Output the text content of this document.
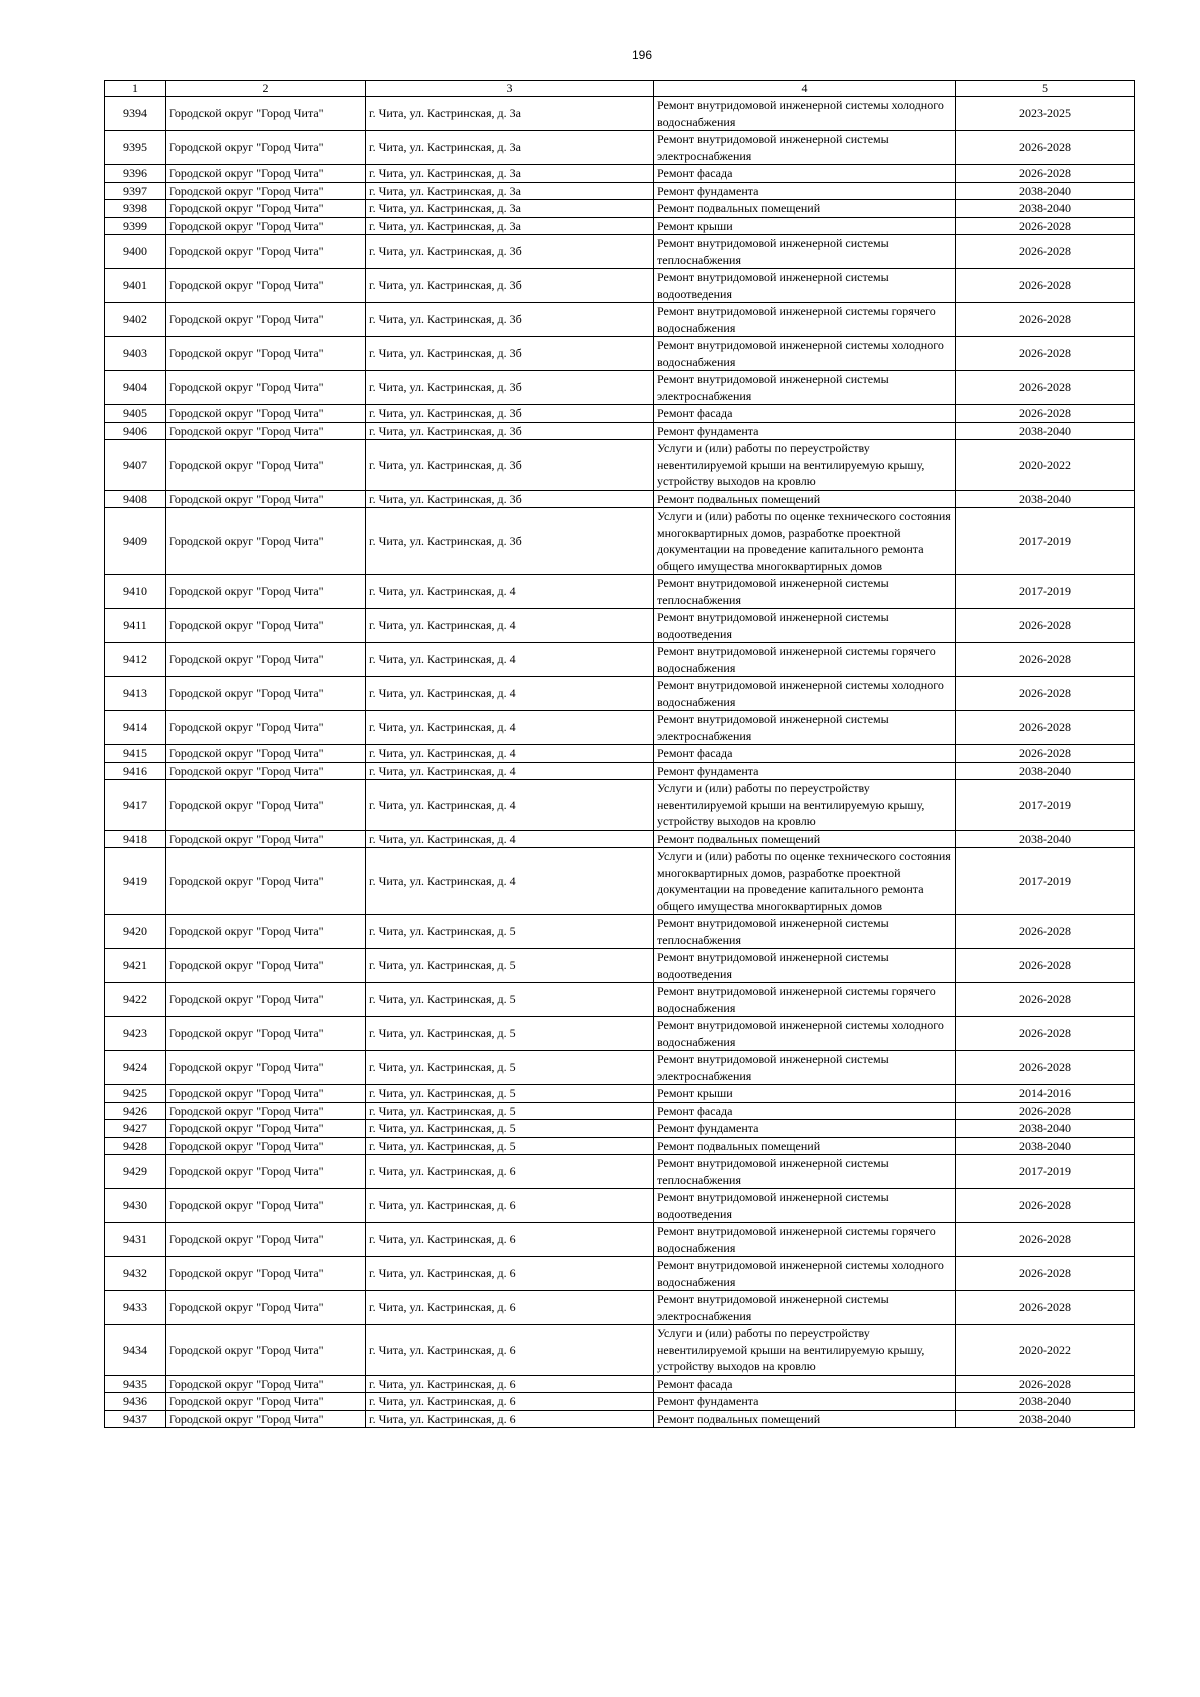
196
1	2	3	4	5
9394	Городской округ "Город Чита"	г. Чита, ул. Кастринская, д. 3а	Ремонт внутридомовой инженерной системы холодного водоснабжения	2023-2025
9395	Городской округ "Город Чита"	г. Чита, ул. Кастринская, д. 3а	Ремонт внутридомовой инженерной системы электроснабжения	2026-2028
9396	Городской округ "Город Чита"	г. Чита, ул. Кастринская, д. 3а	Ремонт фасада	2026-2028
9397	Городской округ "Город Чита"	г. Чита, ул. Кастринская, д. 3а	Ремонт фундамента	2038-2040
9398	Городской округ "Город Чита"	г. Чита, ул. Кастринская, д. 3а	Ремонт подвальных помещений	2038-2040
9399	Городской округ "Город Чита"	г. Чита, ул. Кастринская, д. 3а	Ремонт крыши	2026-2028
9400	Городской округ "Город Чита"	г. Чита, ул. Кастринская, д. 3б	Ремонт внутридомовой инженерной системы теплоснабжения	2026-2028
9401	Городской округ "Город Чита"	г. Чита, ул. Кастринская, д. 3б	Ремонт внутридомовой инженерной системы водоотведения	2026-2028
9402	Городской округ "Город Чита"	г. Чита, ул. Кастринская, д. 3б	Ремонт внутридомовой инженерной системы горячего водоснабжения	2026-2028
9403	Городской округ "Город Чита"	г. Чита, ул. Кастринская, д. 3б	Ремонт внутридомовой инженерной системы холодного водоснабжения	2026-2028
9404	Городской округ "Город Чита"	г. Чита, ул. Кастринская, д. 3б	Ремонт внутридомовой инженерной системы электроснабжения	2026-2028
9405	Городской округ "Город Чита"	г. Чита, ул. Кастринская, д. 3б	Ремонт фасада	2026-2028
9406	Городской округ "Город Чита"	г. Чита, ул. Кастринская, д. 3б	Ремонт фундамента	2038-2040
9407	Городской округ "Город Чита"	г. Чита, ул. Кастринская, д. 3б	Услуги и (или) работы по переустройству невентилируемой крыши на вентилируемую крышу, устройству выходов на кровлю	2020-2022
9408	Городской округ "Город Чита"	г. Чита, ул. Кастринская, д. 3б	Ремонт подвальных помещений	2038-2040
9409	Городской округ "Город Чита"	г. Чита, ул. Кастринская, д. 3б	Услуги и (или) работы по оценке технического состояния многоквартирных домов, разработке проектной документации на проведение капитального ремонта общего имущества многоквартирных домов	2017-2019
9410	Городской округ "Город Чита"	г. Чита, ул. Кастринская, д. 4	Ремонт внутридомовой инженерной системы теплоснабжения	2017-2019
9411	Городской округ "Город Чита"	г. Чита, ул. Кастринская, д. 4	Ремонт внутридомовой инженерной системы водоотведения	2026-2028
9412	Городской округ "Город Чита"	г. Чита, ул. Кастринская, д. 4	Ремонт внутридомовой инженерной системы горячего водоснабжения	2026-2028
9413	Городской округ "Город Чита"	г. Чита, ул. Кастринская, д. 4	Ремонт внутридомовой инженерной системы холодного водоснабжения	2026-2028
9414	Городской округ "Город Чита"	г. Чита, ул. Кастринская, д. 4	Ремонт внутридомовой инженерной системы электроснабжения	2026-2028
9415	Городской округ "Город Чита"	г. Чита, ул. Кастринская, д. 4	Ремонт фасада	2026-2028
9416	Городской округ "Город Чита"	г. Чита, ул. Кастринская, д. 4	Ремонт фундамента	2038-2040
9417	Городской округ "Город Чита"	г. Чита, ул. Кастринская, д. 4	Услуги и (или) работы по переустройству невентилируемой крыши на вентилируемую крышу, устройству выходов на кровлю	2017-2019
9418	Городской округ "Город Чита"	г. Чита, ул. Кастринская, д. 4	Ремонт подвальных помещений	2038-2040
9419	Городской округ "Город Чита"	г. Чита, ул. Кастринская, д. 4	Услуги и (или) работы по оценке технического состояния многоквартирных домов, разработке проектной документации на проведение капитального ремонта общего имущества многоквартирных домов	2017-2019
9420	Городской округ "Город Чита"	г. Чита, ул. Кастринская, д. 5	Ремонт внутридомовой инженерной системы теплоснабжения	2026-2028
9421	Городской округ "Город Чита"	г. Чита, ул. Кастринская, д. 5	Ремонт внутридомовой инженерной системы водоотведения	2026-2028
9422	Городской округ "Город Чита"	г. Чита, ул. Кастринская, д. 5	Ремонт внутридомовой инженерной системы горячего водоснабжения	2026-2028
9423	Городской округ "Город Чита"	г. Чита, ул. Кастринская, д. 5	Ремонт внутридомовой инженерной системы холодного водоснабжения	2026-2028
9424	Городской округ "Город Чита"	г. Чита, ул. Кастринская, д. 5	Ремонт внутридомовой инженерной системы электроснабжения	2026-2028
9425	Городской округ "Город Чита"	г. Чита, ул. Кастринская, д. 5	Ремонт крыши	2014-2016
9426	Городской округ "Город Чита"	г. Чита, ул. Кастринская, д. 5	Ремонт фасада	2026-2028
9427	Городской округ "Город Чита"	г. Чита, ул. Кастринская, д. 5	Ремонт фундамента	2038-2040
9428	Городской округ "Город Чита"	г. Чита, ул. Кастринская, д. 5	Ремонт подвальных помещений	2038-2040
9429	Городской округ "Город Чита"	г. Чита, ул. Кастринская, д. 6	Ремонт внутридомовой инженерной системы теплоснабжения	2017-2019
9430	Городской округ "Город Чита"	г. Чита, ул. Кастринская, д. 6	Ремонт внутридомовой инженерной системы водоотведения	2026-2028
9431	Городской округ "Город Чита"	г. Чита, ул. Кастринская, д. 6	Ремонт внутридомовой инженерной системы горячего водоснабжения	2026-2028
9432	Городской округ "Город Чита"	г. Чита, ул. Кастринская, д. 6	Ремонт внутридомовой инженерной системы холодного водоснабжения	2026-2028
9433	Городской округ "Город Чита"	г. Чита, ул. Кастринская, д. 6	Ремонт внутридомовой инженерной системы электроснабжения	2026-2028
9434	Городской округ "Город Чита"	г. Чита, ул. Кастринская, д. 6	Услуги и (или) работы по переустройству невентилируемой крыши на вентилируемую крышу, устройству выходов на кровлю	2020-2022
9435	Городской округ "Город Чита"	г. Чита, ул. Кастринская, д. 6	Ремонт фасада	2026-2028
9436	Городской округ "Город Чита"	г. Чита, ул. Кастринская, д. 6	Ремонт фундамента	2038-2040
9437	Городской округ "Город Чита"	г. Чита, ул. Кастринская, д. 6	Ремонт подвальных помещений	2038-2040
